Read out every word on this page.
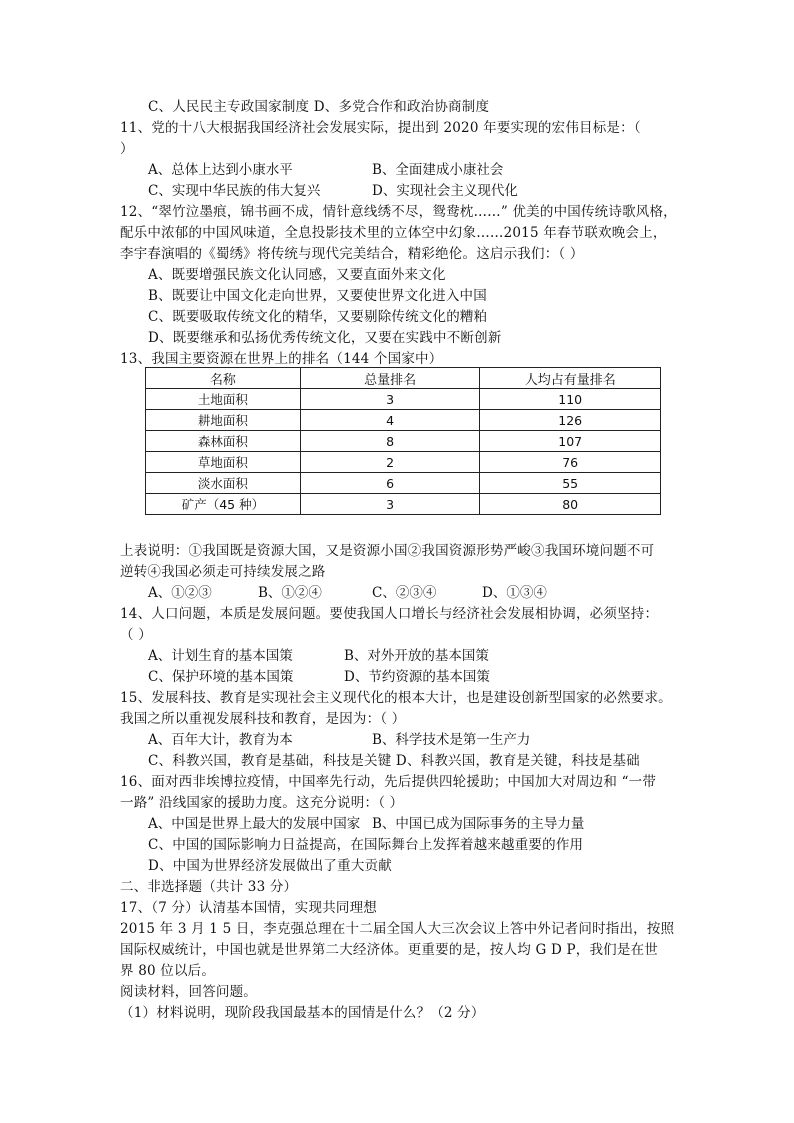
C、人民民主专政国家制度 D、多党合作和政治协商制度
11、党的十八大根据我国经济社会发展实际，提出到 2020 年要实现的宏伟目标是：（
）
A、总体上达到小康水平	B、全面建成小康社会
C、实现中华民族的伟大复兴	D、实现社会主义现代化
12、“翠竹泣墨痕，锦书画不成，情针意线绣不尽，鸳鸯枕……” 优美的中国传统诗歌风格，
配乐中浓郁的中国风味道，全息投影技术里的立体空中幻象……2015 年春节联欢晚会上，
李宇春演唱的《蜀绣》将传统与现代完美结合，精彩绝伦。这启示我们：（ ）
A、既要增强民族文化认同感，又要直面外来文化
B、既要让中国文化走向世界，又要使世界文化进入中国
C、既要吸取传统文化的精华，又要剔除传统文化的糟粕
D、既要继承和弘扬优秀传统文化，又要在实践中不断创新
13、我国主要资源在世界上的排名（144 个国家中）
名称	总量排名	人均占有量排名
土地面积	3	110
耕地面积	4	126
森林面积	8	107
草地面积	2	76
淡水面积	6	55
矿产（45 种）	3	80
上表说明：①我国既是资源大国，又是资源小国②我国资源形势严峻③我国环境问题不可
逆转④我国必须走可持续发展之路
A、①②③	B、①②④	C、②③④	D、①③④
14、人口问题，本质是发展问题。要使我国人口增长与经济社会发展相协调，必须坚持：
（ ）
A、计划生育的基本国策	B、对外开放的基本国策
C、保护环境的基本国策	D、节约资源的基本国策
15、发展科技、教育是实现社会主义现代化的根本大计，也是建设创新型国家的必然要求。
我国之所以重视发展科技和教育，是因为：（ ）
A、百年大计，教育为本	B、科学技术是第一生产力
C、科教兴国，教育是基础，科技是关键 D、科教兴国，教育是关键，科技是基础
16、面对西非埃博拉疫情，中国率先行动，先后提供四轮援助；中国加大对周边和 “一带
一路” 沿线国家的援助力度。这充分说明：（ ）
A、中国是世界上最大的发展中国家 B、中国已成为国际事务的主导力量
C、中国的国际影响力日益提高，在国际舞台上发挥着越来越重要的作用
D、中国为世界经济发展做出了重大贡献
二、非选择题（共计 33 分）
17、（7 分）认清基本国情，实现共同理想
2015 年 3 月 1 5 日，李克强总理在十二届全国人大三次会议上答中外记者问时指出，按照
国际权威统计，中国也就是世界第二大经济体。更重要的是，按人均 G D P，我们是在世
界 80 位以后。
阅读材料，回答问题。
（1）材料说明，现阶段我国最基本的国情是什么？（2 分）
